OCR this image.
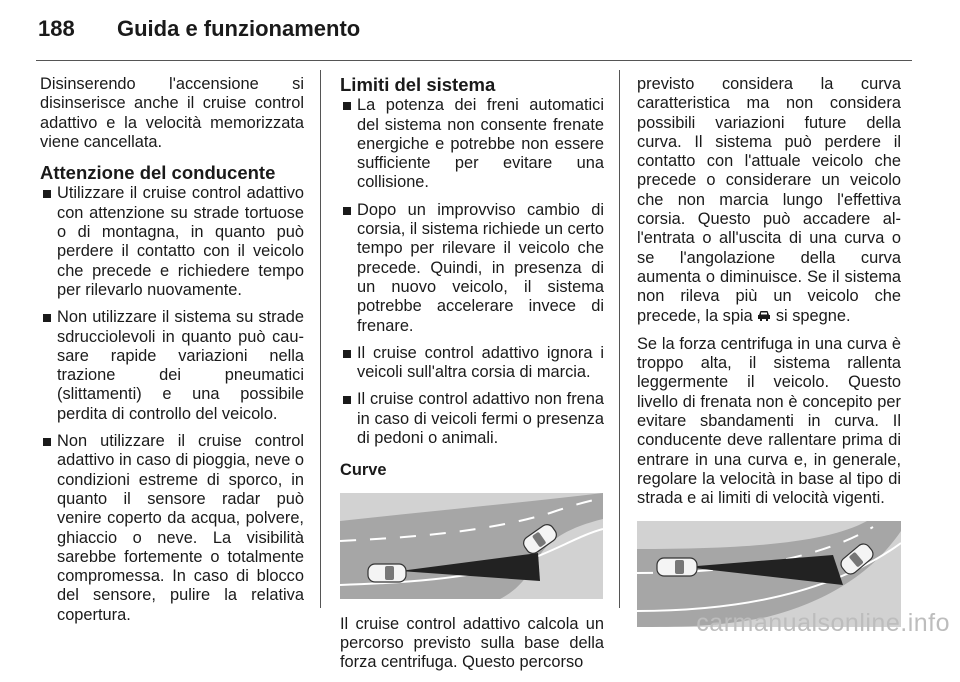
188 Guida e funzionamento

Disinserendo l'accensione si disinserisce anche il cruise control adattivo e la velocità memorizzata viene cancellata.

Attenzione del conducente
Utilizzare il cruise control adattivo con attenzione su strade tortuose o di montagna, in quanto può perdere il contatto con il veicolo che precede e richiedere tempo per rilevarlo nuovamente.
Non utilizzare il sistema su strade sdrucciolevoli in quanto può causare rapide variazioni nella trazione dei pneumatici (slittamenti) e una possibile perdita di controllo del veicolo.
Non utilizzare il cruise control adattivo in caso di pioggia, neve o condizioni estreme di sporco, in quanto il sensore radar può venire coperto da acqua, polvere, ghiaccio o neve. La visibilità sarebbe fortemente o totalmente compromessa. In caso di blocco del sensore, pulire la relativa copertura.
Limiti del sistema
La potenza dei freni automatici del sistema non consente frenate energiche e potrebbe non essere sufficiente per evitare una collisione.
Dopo un improvviso cambio di corsia, il sistema richiede un certo tempo per rilevare il veicolo che precede. Quindi, in presenza di un nuovo veicolo, il sistema potrebbe accelerare invece di frenare.
Il cruise control adattivo ignora i veicoli sull'altra corsia di marcia.
Il cruise control adattivo non frena in caso di veicoli fermi o presenza di pedoni o animali.
Curve

Il cruise control adattivo calcola un percorso previsto sulla base della forza centrifuga. Questo percorso

previsto considera la curva caratteristica ma non considera possibili variazioni future della curva. Il sistema può perdere il contatto con l'attuale veicolo che precede o considerare un veicolo che non marcia lungo l'effettiva corsia. Questo può accadere all'entrata o all'uscita di una curva o se l'angolazione della curva aumenta o diminuisce. Se il sistema non rileva più un veicolo che precede, la spia  si spegne.

Se la forza centrifuga in una curva è troppo alta, il sistema rallenta leggermente il veicolo. Questo livello di frenata non è concepito per evitare sbandamenti in curva. Il conducente deve rallentare prima di entrare in una curva e, in generale, regolare la velocità in base al tipo di strada e ai limiti di velocità vigenti.

carmanualsonline.info
